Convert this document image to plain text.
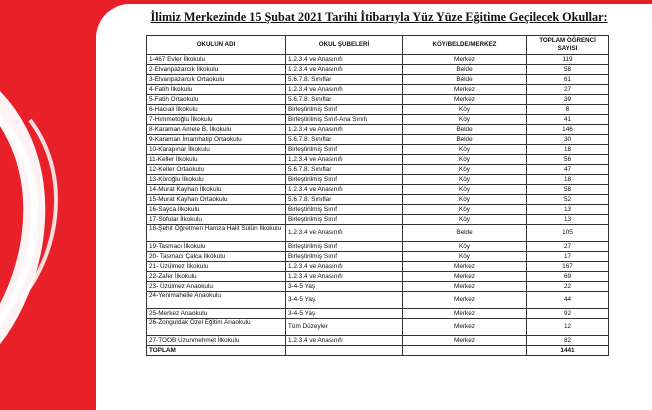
İlimiz Merkezinde 15 Şubat 2021 Tarihi İtibarıyla Yüz Yüze Eğitime Geçilecek Okullar:
OKULUN ADI	OKUL ŞUBELERİ	KÖY/BELDE/MERKEZ	TOPLAM ÖĞRENCİ SAYISI
1-467 Evler İlkokulu	1.2.3.4 ve Anasınıfı	Merkez	119
2-Elvanpazarcık İlkokulu	1.2.3.4 ve Anasınıfı	Belde	58
3-Elvanpazarcık Ortaokulu	5.6.7.8. Sınıflar	Belde	61
4-Fatih İlkokulu	1.2.3.4 ve Anasınıfı	Merkez	27
5-Fatih Ortaokulu	5.6.7.8. Sınıflar	Merkez	39
6-Hacıali İlkokulu	Birleştirilmiş Sınıf	Köy	8
7-Hımmetoğlu İlkokulu	Birleştirilmiş Sınıf-Ana Sınıfı	Köy	41
8-Karaman Amele B. İlkokulu	1.2.3.4 ve Anasınıfı	Belde	146
9-Karaman İmamhatip Ortaokulu	5.6.7.8. Sınıflar	Belde	30
10-Karapınar İlkokulu	Birleştirilmiş Sınıf	Köy	18
11-Keller İlkokulu	1.2.3.4 ve Anasınıfı	Köy	56
12-Keller Ortaokulu	5.6.7.8. Sınıflar	Köy	47
13-Köroğlu İlkokulu	Birleştirilmiş Sınıf	Köy	18
14-Murat Kayhan İlkokulu	1.2.3.4 ve Anasınıfı	Köy	58
15-Murat Kayhan Ortaokulu	5.6.7.8. Sınıflar	Köy	52
16-Saýca İlkokulu	Birleştirilmiş Sınıf	Köy	13
17-Sofular İlkokulu	Birleştirilmiş Sınıf	Köy	13
18-Şehit Öğretmen Hamza Halit Sülün İlkokulu	1.2.3.4 ve Anasınıfı	Belde	105
19-Tasmacı İlkokulu	Birleştirilmiş Sınıf	Köy	27
20- Tasmacı Çalca İlkokulu	Birleştirilmiş Sınıf	Köy	17
21- Üzülmez İlkokulu	1.2.3.4 ve Anasınıfı	Merkez	167
22-Zafer İlkokulu	1.2.3.4 ve Anasınıfı	Merkez	69
23- Üzülmez Anaokulu	3-4-5 Yaş	Merkez	22
24-Yenimahelle Anaokulu	3-4-5 Yaş	Merkez	44
25-Merkez Anaokulu	3-4-5 Yaş	Merkez	92
26-Zonguldak Özel Eğitim Anaokulu	Tüm Düzeyler	Merkez	12
27-TOOB Uzunmehmet İlkokulu	1.2.3.4 ve Anasınıfı	Merkez	82
TOPLAM			1441
